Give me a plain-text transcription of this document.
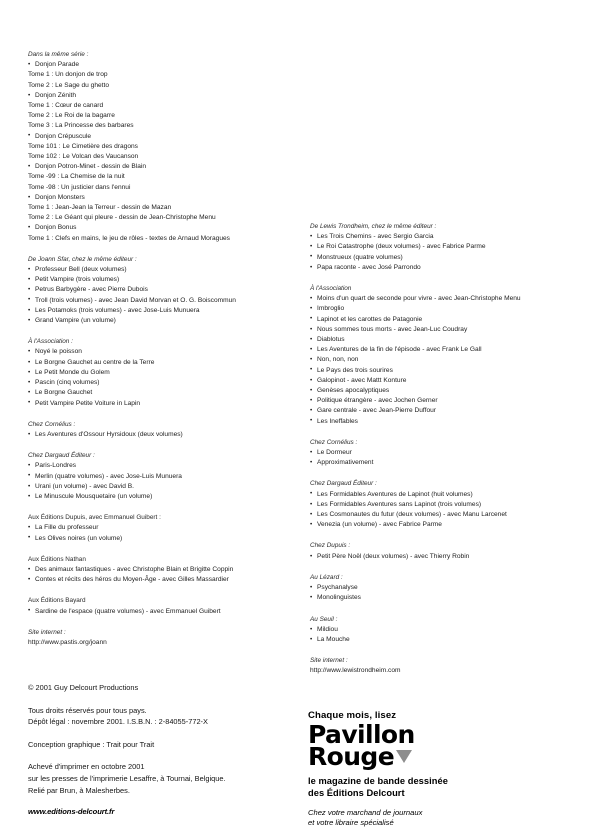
Dans la même série :
• Donjon Parade
Tome 1 : Un donjon de trop
Tome 2 : Le Sage du ghetto
• Donjon Zénith
Tome 1 : Cœur de canard
Tome 2 : Le Roi de la bagarre
Tome 3 : La Princesse des barbares
• Donjon Crépuscule
Tome 101 : Le Cimetière des dragons
Tome 102 : Le Volcan des Vaucanson
• Donjon Potron-Minet - dessin de Blain
Tome -99 : La Chemise de la nuit
Tome -98 : Un justicier dans l'ennui
• Donjon Monsters
Tome 1 : Jean-Jean la Terreur - dessin de Mazan
Tome 2 : Le Géant qui pleure - dessin de Jean-Christophe Menu
• Donjon Bonus
Tome 1 : Clefs en mains, le jeu de rôles - textes de Arnaud Moragues
De Joann Sfar, chez le même éditeur :
• Professeur Bell (deux volumes)
• Petit Vampire (trois volumes)
• Petrus Barbygère - avec Pierre Dubois
• Troll (trois volumes) - avec Jean David Morvan et O. G. Boiscommun
• Les Potamoks (trois volumes) - avec Jose-Luis Munuera
• Grand Vampire (un volume)
À l'Association :
• Noyé le poisson
• Le Borgne Gauchet au centre de la Terre
• Le Petit Monde du Golem
• Pascin (cinq volumes)
• Le Borgne Gauchet
• Petit Vampire Petite Voiture in Lapin
Chez Cornélius :
• Les Aventures d'Ossour Hyrsidoux (deux volumes)
Chez Dargaud Éditeur :
• Paris-Londres
• Merlin (quatre volumes) - avec Jose-Luis Munuera
• Urani (un volume) - avec David B.
• Le Minuscule Mousquetaire (un volume)
Aux Éditions Dupuis, avec Emmanuel Guibert :
• La Fille du professeur
• Les Olives noires (un volume)
Aux Éditions Nathan
• Des animaux fantastiques - avec Christophe Blain et Brigitte Coppin
• Contes et récits des héros du Moyen-Âge - avec Gilles Massardier
Aux Éditions Bayard
• Sardine de l'espace (quatre volumes) - avec Emmanuel Guibert
Site internet :
http://www.pastis.org/joann
De Lewis Trondheim, chez le même éditeur :
• Les Trois Chemins - avec Sergio Garcia
• Le Roi Catastrophe (deux volumes) - avec Fabrice Parme
• Monstrueux (quatre volumes)
• Papa raconte - avec José Parrondo
À l'Association
• Moins d'un quart de seconde pour vivre - avec Jean-Christophe Menu
• Imbroglio
• Lapinot et les carottes de Patagonie
• Nous sommes tous morts - avec Jean-Luc Coudray
• Diablotus
• Les Aventures de la fin de l'épisode - avec Frank Le Gall
• Non, non, non
• Le Pays des trois sourires
• Galopinot - avec Mattt Konture
• Genèses apocalyptiques
• Politique étrangère - avec Jochen Gerner
• Gare centrale - avec Jean-Pierre Duffour
• Les Ineffables
Chez Cornélius :
• Le Dormeur
• Approximativement
Chez Dargaud Éditeur :
• Les Formidables Aventures de Lapinot (huit volumes)
• Les Formidables Aventures sans Lapinot (trois volumes)
• Les Cosmonautes du futur (deux volumes) - avec Manu Larcenet
• Venezia (un volume) - avec Fabrice Parme
Chez Dupuis :
• Petit Père Noël (deux volumes) - avec Thierry Robin
Au Lézard :
• Psychanalyse
• Monolinguistes
Au Seuil :
• Mildiou
• La Mouche
Site internet :
http://www.lewistrondheim.com
© 2001 Guy Delcourt Productions
Tous droits réservés pour tous pays.
Dépôt légal : novembre 2001. I.S.B.N. : 2-84055-772-X
Conception graphique : Trait pour Trait
Achevé d'imprimer en octobre 2001
sur les presses de l'imprimerie Lesaffre, à Tournai, Belgique.
Relié par Brun, à Malesherbes.
www.editions-delcourt.fr
Chaque mois, lisez
Pavillon
Rouge
le magazine de bande dessinée
des Éditions Delcourt
Chez votre marchand de journaux
et votre libraire spécialisé
